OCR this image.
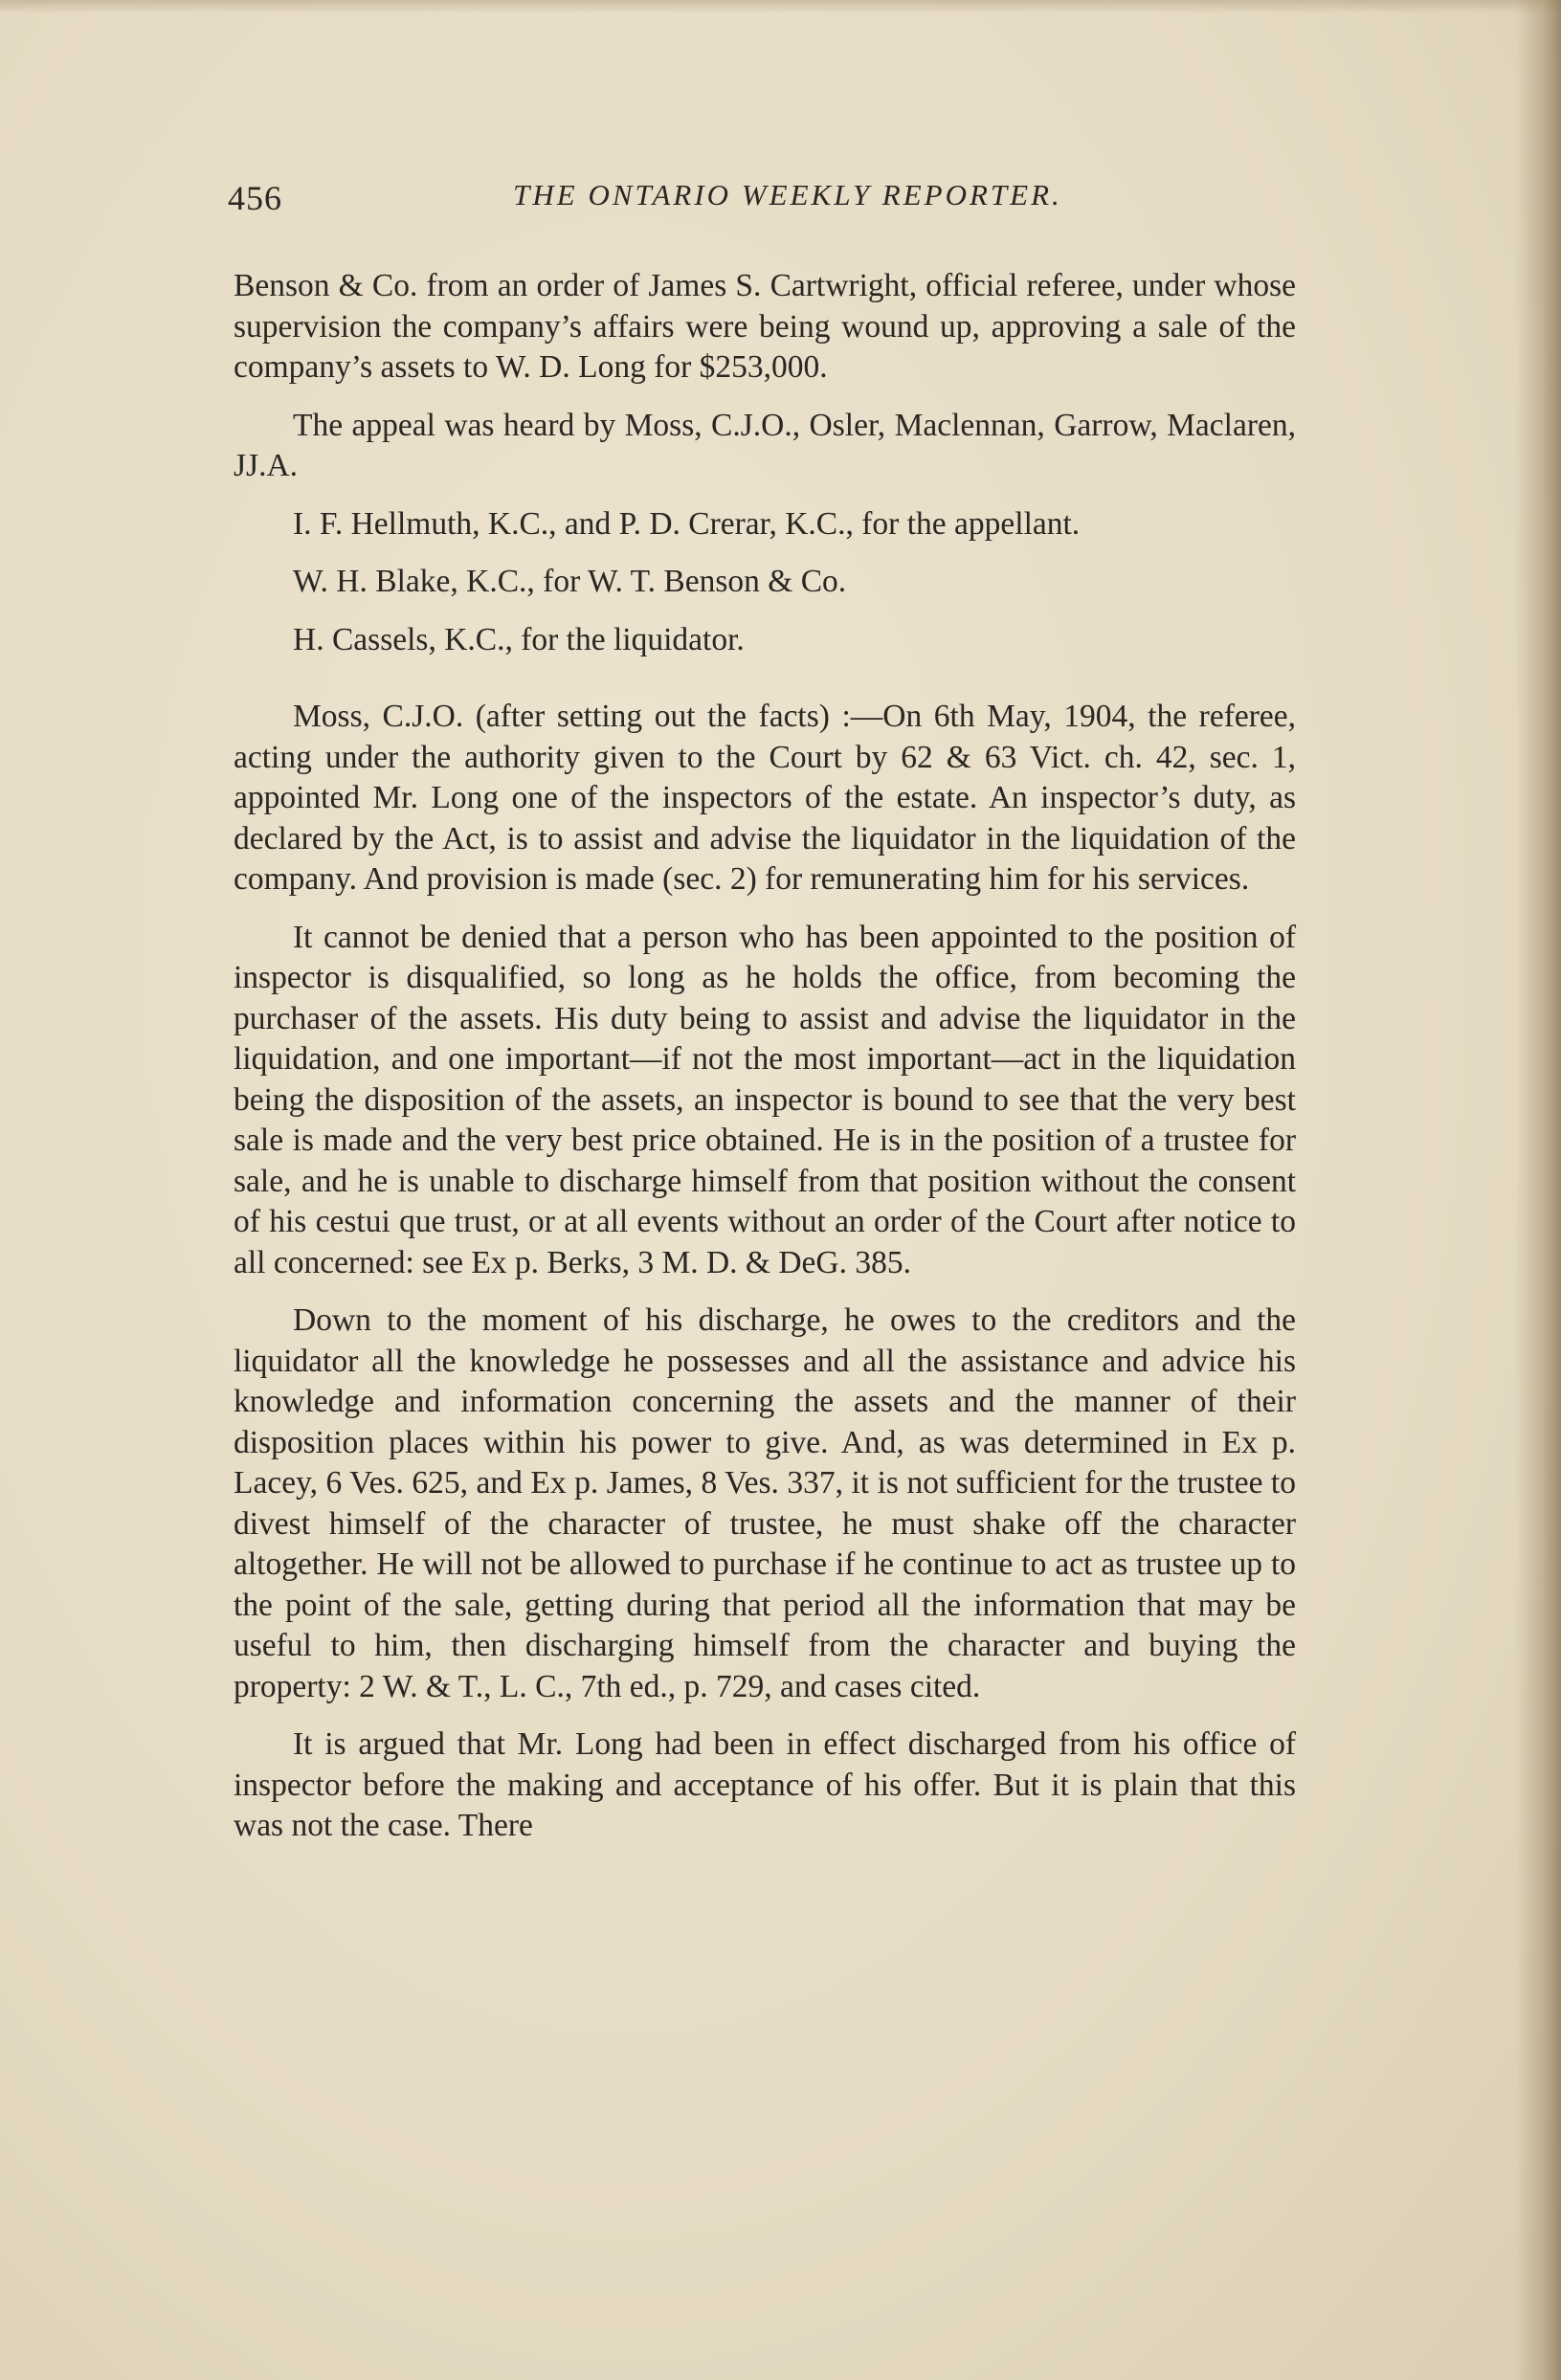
456	THE ONTARIO WEEKLY REPORTER.

Benson & Co. from an order of James S. Cartwright, official referee, under whose supervision the company’s affairs were being wound up, approving a sale of the company’s assets to W. D. Long for $253,000.

The appeal was heard by Moss, C.J.O., Osler, Maclennan, Garrow, Maclaren, JJ.A.

I. F. Hellmuth, K.C., and P. D. Crerar, K.C., for the appellant.

W. H. Blake, K.C., for W. T. Benson & Co.

H. Cassels, K.C., for the liquidator.

Moss, C.J.O. (after setting out the facts) :—On 6th May, 1904, the referee, acting under the authority given to the Court by 62 & 63 Vict. ch. 42, sec. 1, appointed Mr. Long one of the inspectors of the estate. An inspector’s duty, as declared by the Act, is to assist and advise the liquidator in the liquidation of the company. And provision is made (sec. 2) for remunerating him for his services.

It cannot be denied that a person who has been appointed to the position of inspector is disqualified, so long as he holds the office, from becoming the purchaser of the assets. His duty being to assist and advise the liquidator in the liquidation, and one important—if not the most important—act in the liquidation being the disposition of the assets, an inspector is bound to see that the very best sale is made and the very best price obtained. He is in the position of a trustee for sale, and he is unable to discharge himself from that position without the consent of his cestui que trust, or at all events without an order of the Court after notice to all concerned: see Ex p. Berks, 3 M. D. & DeG. 385.

Down to the moment of his discharge, he owes to the creditors and the liquidator all the knowledge he possesses and all the assistance and advice his knowledge and information concerning the assets and the manner of their disposition places within his power to give. And, as was determined in Ex p. Lacey, 6 Ves. 625, and Ex p. James, 8 Ves. 337, it is not sufficient for the trustee to divest himself of the character of trustee, he must shake off the character altogether. He will not be allowed to purchase if he continue to act as trustee up to the point of the sale, getting during that period all the information that may be useful to him, then discharging himself from the character and buying the property: 2 W. & T., L. C., 7th ed., p. 729, and cases cited.

It is argued that Mr. Long had been in effect discharged from his office of inspector before the making and acceptance of his offer. But it is plain that this was not the case. There
